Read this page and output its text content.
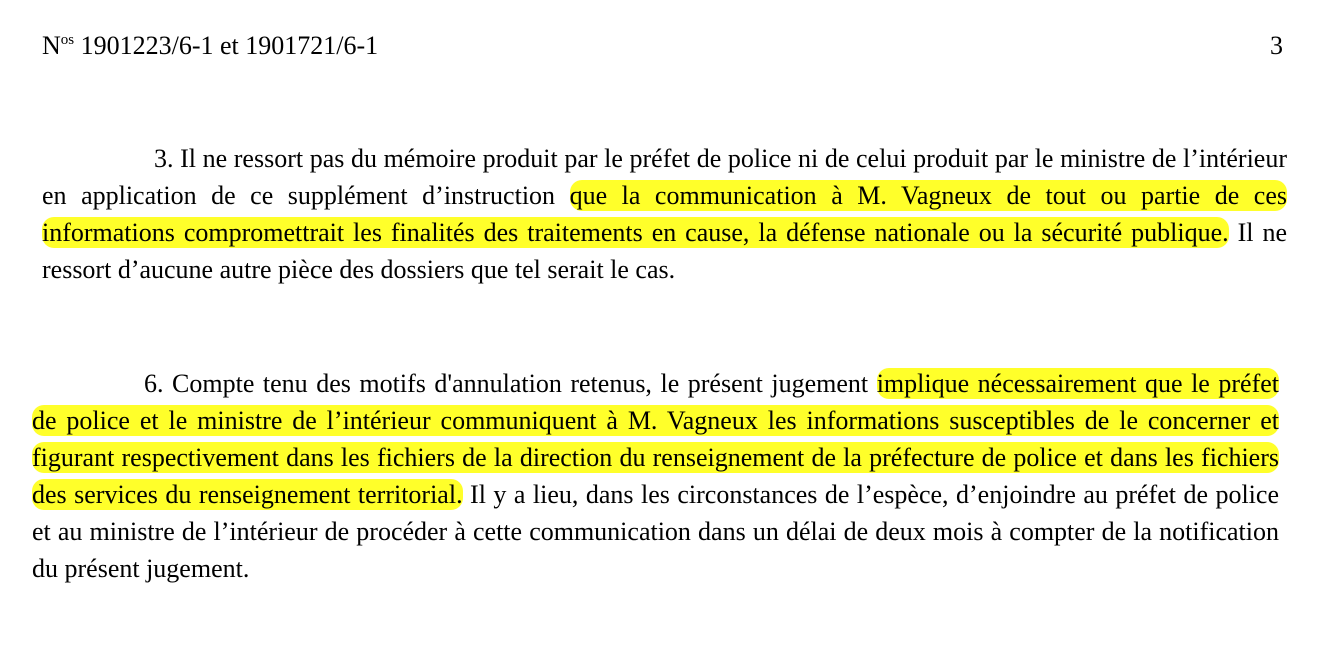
$N^{os}$ 1901223/6-1 et 1901721/6-1	3

3. Il ne ressort pas du mémoire produit par le préfet de police ni de celui produit par le ministre de l’intérieur en application de ce supplément d’instruction que la communication à M. Vagneux de tout ou partie de ces informations compromettrait les finalités des traitements en cause, la défense nationale ou la sécurité publique. Il ne ressort d’aucune autre pièce des dossiers que tel serait le cas.

6. Compte tenu des motifs d'annulation retenus, le présent jugement implique nécessairement que le préfet de police et le ministre de l’intérieur communiquent à M. Vagneux les informations susceptibles de le concerner et figurant respectivement dans les fichiers de la direction du renseignement de la préfecture de police et dans les fichiers des services du renseignement territorial. Il y a lieu, dans les circonstances de l’espèce, d’enjoindre au préfet de police et au ministre de l’intérieur de procéder à cette communication dans un délai de deux mois à compter de la notification du présent jugement.
